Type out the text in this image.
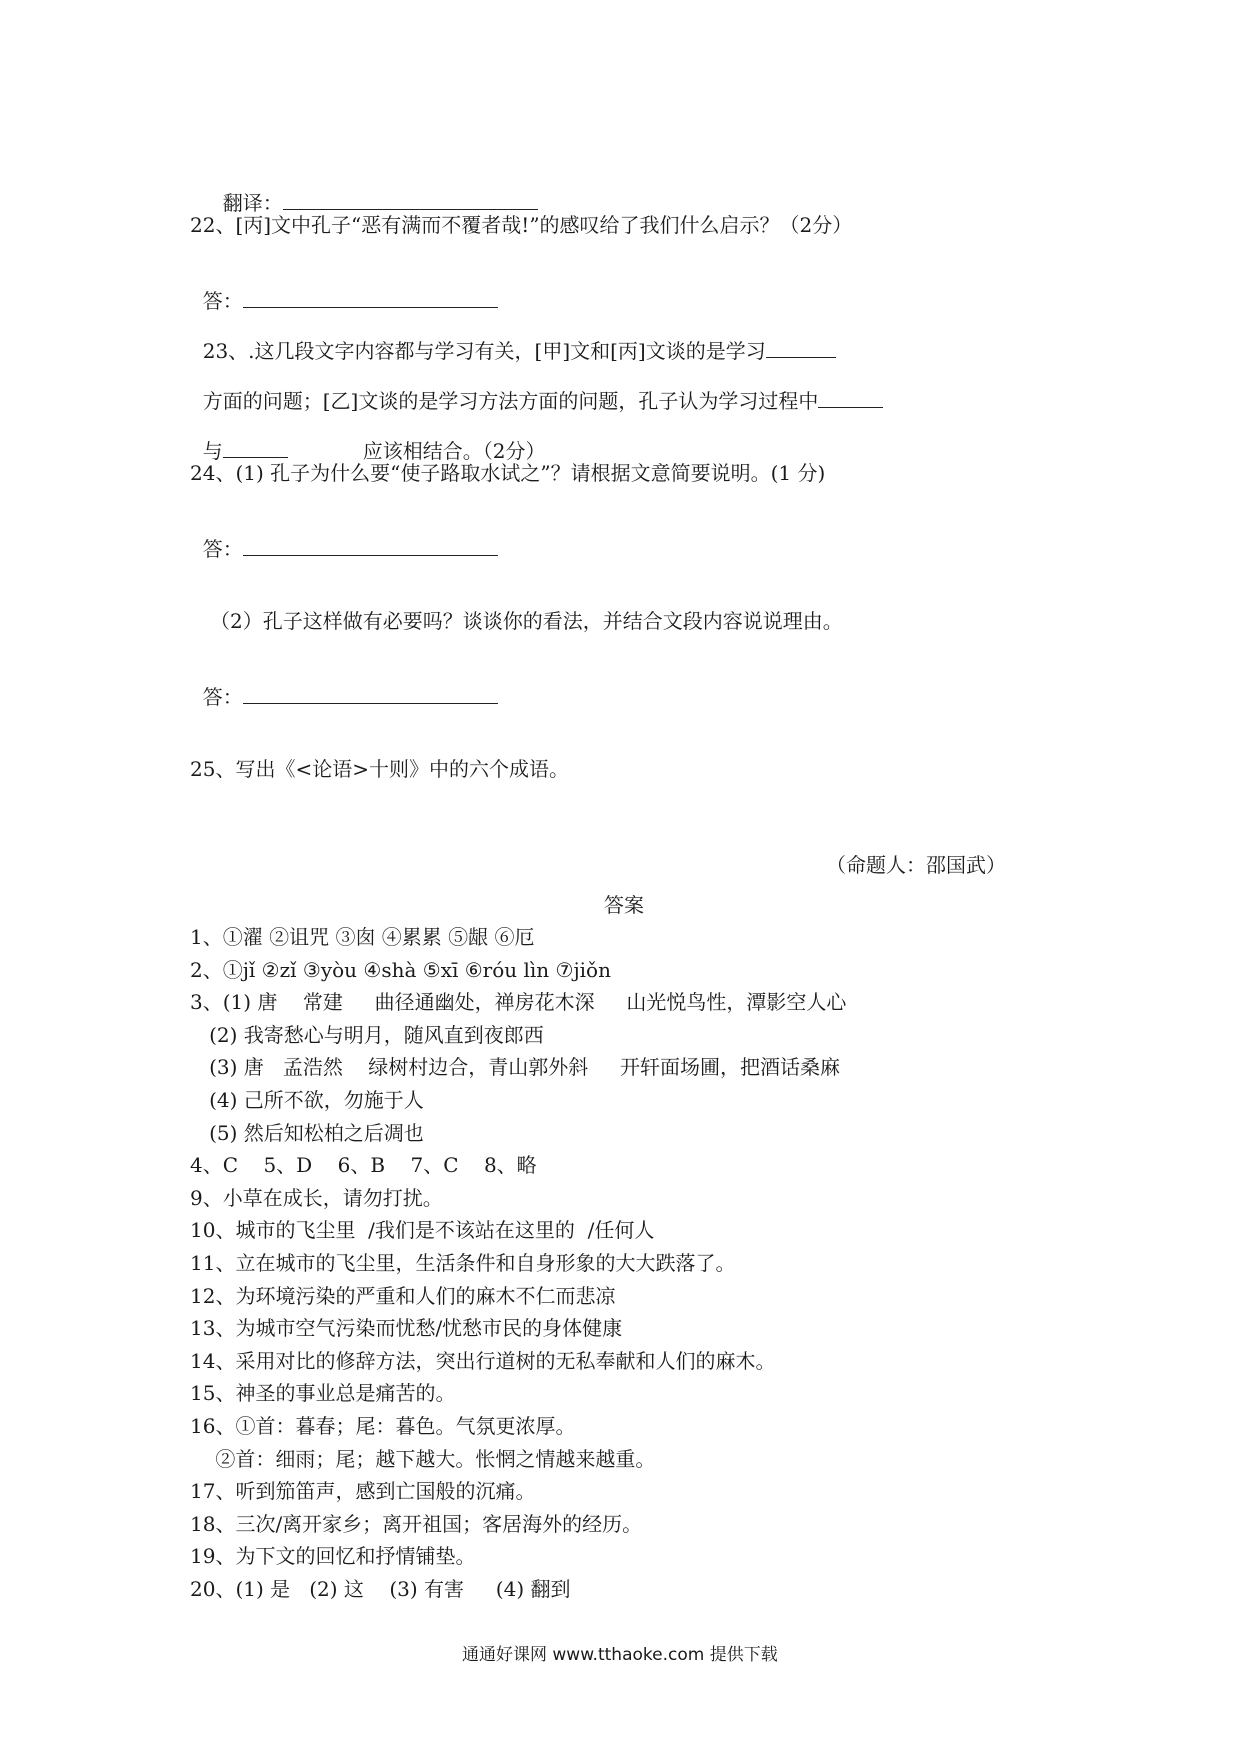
翻译：

22、[丙]文中孔子“恶有满而不覆者哉!”的感叹给了我们什么启示？（2分）

答：

23、.这几段文字内容都与学习有关，[甲]文和[丙]文谈的是学习

方面的问题；[乙]文谈的是学习方法方面的问题，孔子认为学习过程中

与	应该相结合。（2分）

24、(1) 孔子为什么要“使子路取水试之”？请根据文意简要说明。(1 分)

答：

（2）孔子这样做有必要吗？谈谈你的看法，并结合文段内容说说理由。

答：

25、写出《<论语>十则》中的六个成语。
（命题人：邵国武）
答案
1、①濯 ②诅咒 ③囱 ④累累 ⑤龈 ⑥厄
2、①jǐ ②zǐ ③yòu ④shà ⑤xī ⑥róu lìn ⑦jiǒn
3、(1) 唐    常建     曲径通幽处，禅房花木深     山光悦鸟性，潭影空人心
(2) 我寄愁心与明月，随风直到夜郎西
(3) 唐   孟浩然    绿树村边合，青山郭外斜     开轩面场圃，把酒话桑麻
(4) 己所不欲，勿施于人
(5) 然后知松柏之后凋也
4、C    5、D    6、B    7、C    8、略
9、小草在成长，请勿打扰。
10、城市的飞尘里  /我们是不该站在这里的  /任何人
11、立在城市的飞尘里，生活条件和自身形象的大大跌落了。
12、为环境污染的严重和人们的麻木不仁而悲凉
13、为城市空气污染而忧愁/忧愁市民的身体健康
14、采用对比的修辞方法，突出行道树的无私奉献和人们的麻木。
15、神圣的事业总是痛苦的。
16、①首：暮春；尾：暮色。气氛更浓厚。
②首：细雨；尾；越下越大。怅惘之情越来越重。
17、听到笳笛声，感到亡国般的沉痛。
18、三次/离开家乡；离开祖国；客居海外的经历。
19、为下文的回忆和抒情铺垫。
20、(1) 是   (2) 这    (3) 有害     (4) 翻到
通通好课网 www.tthaoke.com 提供下载
